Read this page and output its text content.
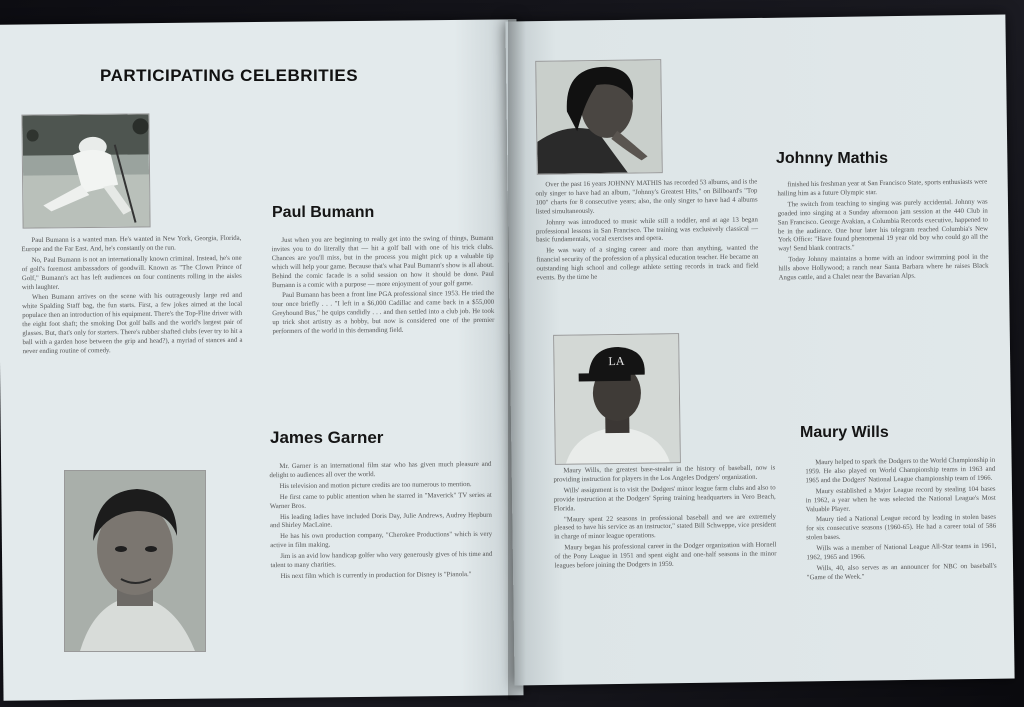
PARTICIPATING CELEBRITIES

Paul Bumann is a wanted man. He's wanted in New York, Georgia, Florida, Europe and the Far East. And, he's constantly on the run.

No, Paul Bumann is not an internationally known criminal. Instead, he's one of golf's foremost ambassadors of goodwill. Known as "The Clown Prince of Golf," Bumann's act has left audiences on four continents rolling in the aisles with laughter.

When Bumann arrives on the scene with his outrageously large red and white Spalding Staff bag, the fun starts. First, a few jokes aimed at the local populace then an introduction of his equipment. There's the Top-Flite driver with the eight foot shaft; the smoking Dot golf balls and the world's largest pair of glasses. But, that's only for starters. There's rubber shafted clubs (ever try to hit a ball with a garden hose between the grip and head?), a myriad of stances and a never ending routine of comedy.

Paul Bumann

Just when you are beginning to really get into the swing of things, Bumann invites you to do literally that — hit a golf ball with one of his trick clubs. Chances are you'll miss, but in the process you might pick up a valuable tip which will help your game. Because that's what Paul Bumann's show is all about. Behind the comic facade is a solid session on how it should be done. Paul Bumann is a comic with a purpose — more enjoyment of your golf game.

Paul Bumann has been a front line PGA professional since 1953. He tried the tour once briefly . . . "I left in a $6,000 Cadillac and came back in a $55,000 Greyhound Bus," he quips candidly . . . and then settled into a club job. He took up trick shot artistry as a hobby, but now is considered one of the premier performers of the world in this demanding field.

James Garner

Mr. Garner is an international film star who has given much pleasure and delight to audiences all over the world.

His television and motion picture credits are too numerous to mention.

He first came to public attention when he starred in "Maverick" TV series at Warner Bros.

His leading ladies have included Doris Day, Julie Andrews, Audrey Hepburn and Shirley MacLaine.

He has his own production company, "Cherokee Productions" which is very active in film making.

Jim is an avid low handicap golfer who very generously gives of his time and talent to many charities.

His next film which is currently in production for Disney is "Pianola."

Over the past 16 years JOHNNY MATHIS has recorded 53 albums, and is the only singer to have had an album, "Johnny's Greatest Hits," on Billboard's "Top 100" charts for 8 consecutive years; also, the only singer to have had 4 albums listed simultaneously.

Johnny was introduced to music while still a toddler, and at age 13 began professional lessons in San Francisco. The training was exclusively classical — basic fundamentals, vocal exercises and opera.

He was wary of a singing career and more than anything, wanted the financial security of the profession of a physical education teacher. He became an outstanding high school and college athlete setting records in track and field events. By the time he

Johnny Mathis

finished his freshman year at San Francisco State, sports enthusiasts were hailing him as a future Olympic star.

The switch from teaching to singing was purely accidental. Johnny was goaded into singing at a Sunday afternoon jam session at the 440 Club in San Francisco. George Avakian, a Columbia Records executive, happened to be in the audience. One hour later his telegram reached Columbia's New York Office: "Have found phenomenal 19 year old boy who could go all the way! Send blank contracts."

Today Johnny maintains a home with an indoor swimming pool in the hills above Hollywood; a ranch near Santa Barbara where he raises Black Angus cattle, and a Chalet near the Bavarian Alps.

LA

Maury Wills, the greatest base-stealer in the history of baseball, now is providing instruction for players in the Los Angeles Dodgers' organization.

Wills' assignment is to visit the Dodgers' minor league farm clubs and also to provide instruction at the Dodgers' Spring training headquarters in Vero Beach, Florida.

"Maury spent 22 seasons in professional baseball and we are extremely pleased to have his service as an instructor," stated Bill Schweppe, vice president in charge of minor league operations.

Maury began his professional career in the Dodger organization with Hornell of the Pony League in 1951 and spent eight and one-half seasons in the minor leagues before joining the Dodgers in 1959.

Maury Wills

Maury helped to spark the Dodgers to the World Championship in 1959. He also played on World Championship teams in 1963 and 1965 and the Dodgers' National League championship team of 1966.

Maury established a Major League record by stealing 104 bases in 1962, a year when he was selected the National League's Most Valuable Player.

Maury tied a National League record by leading in stolen bases for six consecutive seasons (1960-65). He had a career total of 586 stolen bases.

Wills was a member of National League All-Star teams in 1961, 1962, 1965 and 1966.

Wills, 40, also serves as an announcer for NBC on baseball's "Game of the Week."
